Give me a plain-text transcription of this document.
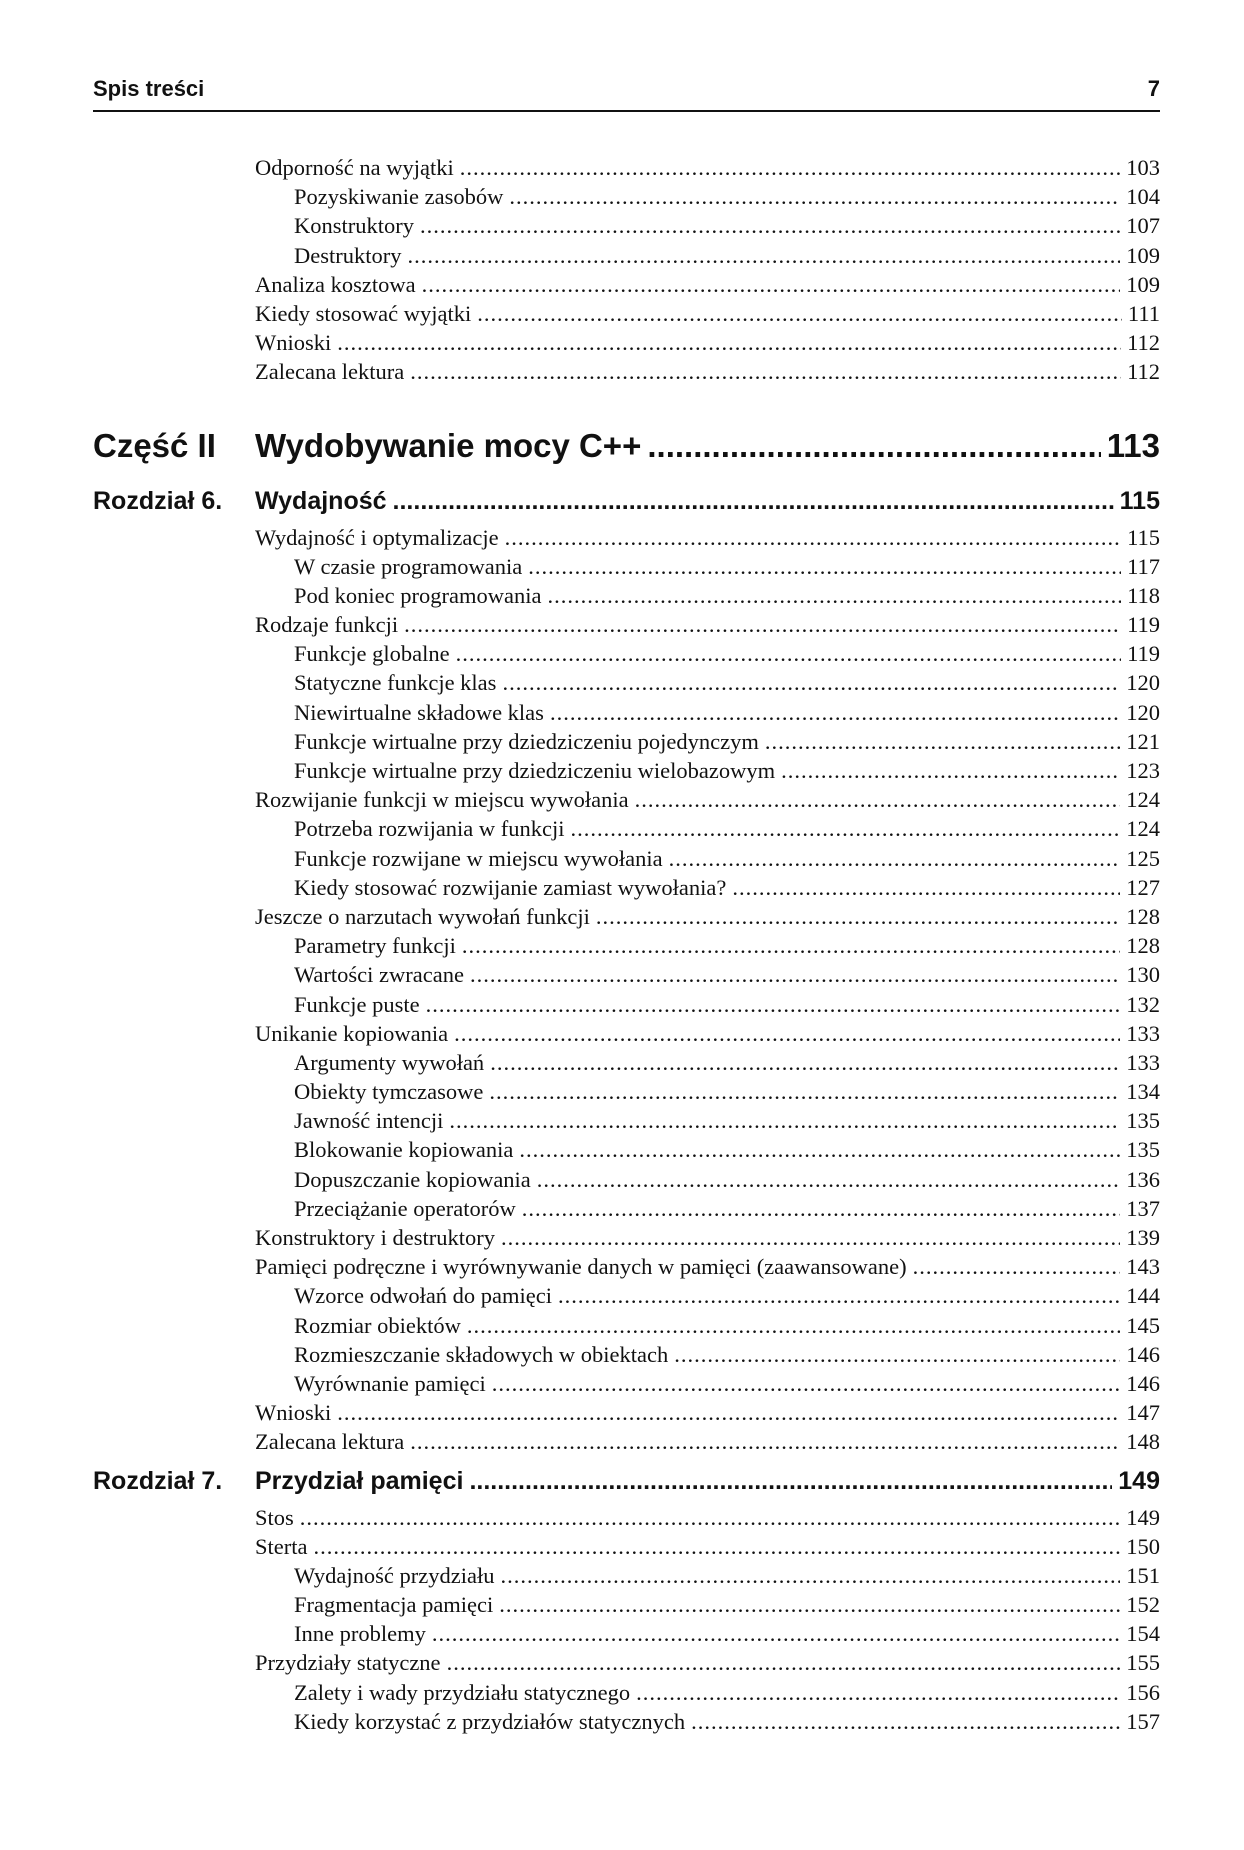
Spis treści	7
Odporność na wyjątki .....	103
Pozyskiwanie zasobów .....	104
Konstruktory .....	107
Destruktory .....	109
Analiza kosztowa .....	109
Kiedy stosować wyjątki .....	111
Wnioski .....	112
Zalecana lektura .....	112
Część II Wydobywanie mocy C++ .....	113
Rozdział 6. Wydajność .....	115
Wydajność i optymalizacje .....	115
W czasie programowania .....	117
Pod koniec programowania .....	118
Rodzaje funkcji .....	119
Funkcje globalne .....	119
Statyczne funkcje klas .....	120
Niewirtualne składowe klas .....	120
Funkcje wirtualne przy dziedziczeniu pojedynczym .....	121
Funkcje wirtualne przy dziedziczeniu wielobazowym .....	123
Rozwijanie funkcji w miejscu wywołania .....	124
Potrzeba rozwijania w funkcji .....	124
Funkcje rozwijane w miejscu wywołania .....	125
Kiedy stosować rozwijanie zamiast wywołania? .....	127
Jeszcze o narzutach wywołań funkcji .....	128
Parametry funkcji .....	128
Wartości zwracane .....	130
Funkcje puste .....	132
Unikanie kopiowania .....	133
Argumenty wywołań .....	133
Obiekty tymczasowe .....	134
Jawność intencji .....	135
Blokowanie kopiowania .....	135
Dopuszczanie kopiowania .....	136
Przeciążanie operatorów .....	137
Konstruktory i destruktory .....	139
Pamięci podręczne i wyrównywanie danych w pamięci (zaawansowane) .....	143
Wzorce odwołań do pamięci .....	144
Rozmiar obiektów .....	145
Rozmieszczanie składowych w obiektach .....	146
Wyrównanie pamięci .....	146
Wnioski .....	147
Zalecana lektura .....	148
Rozdział 7. Przydział pamięci .....	149
Stos .....	149
Sterta .....	150
Wydajność przydziału .....	151
Fragmentacja pamięci .....	152
Inne problemy .....	154
Przydziały statyczne .....	155
Zalety i wady przydziału statycznego .....	156
Kiedy korzystać z przydziałów statycznych .....	157
